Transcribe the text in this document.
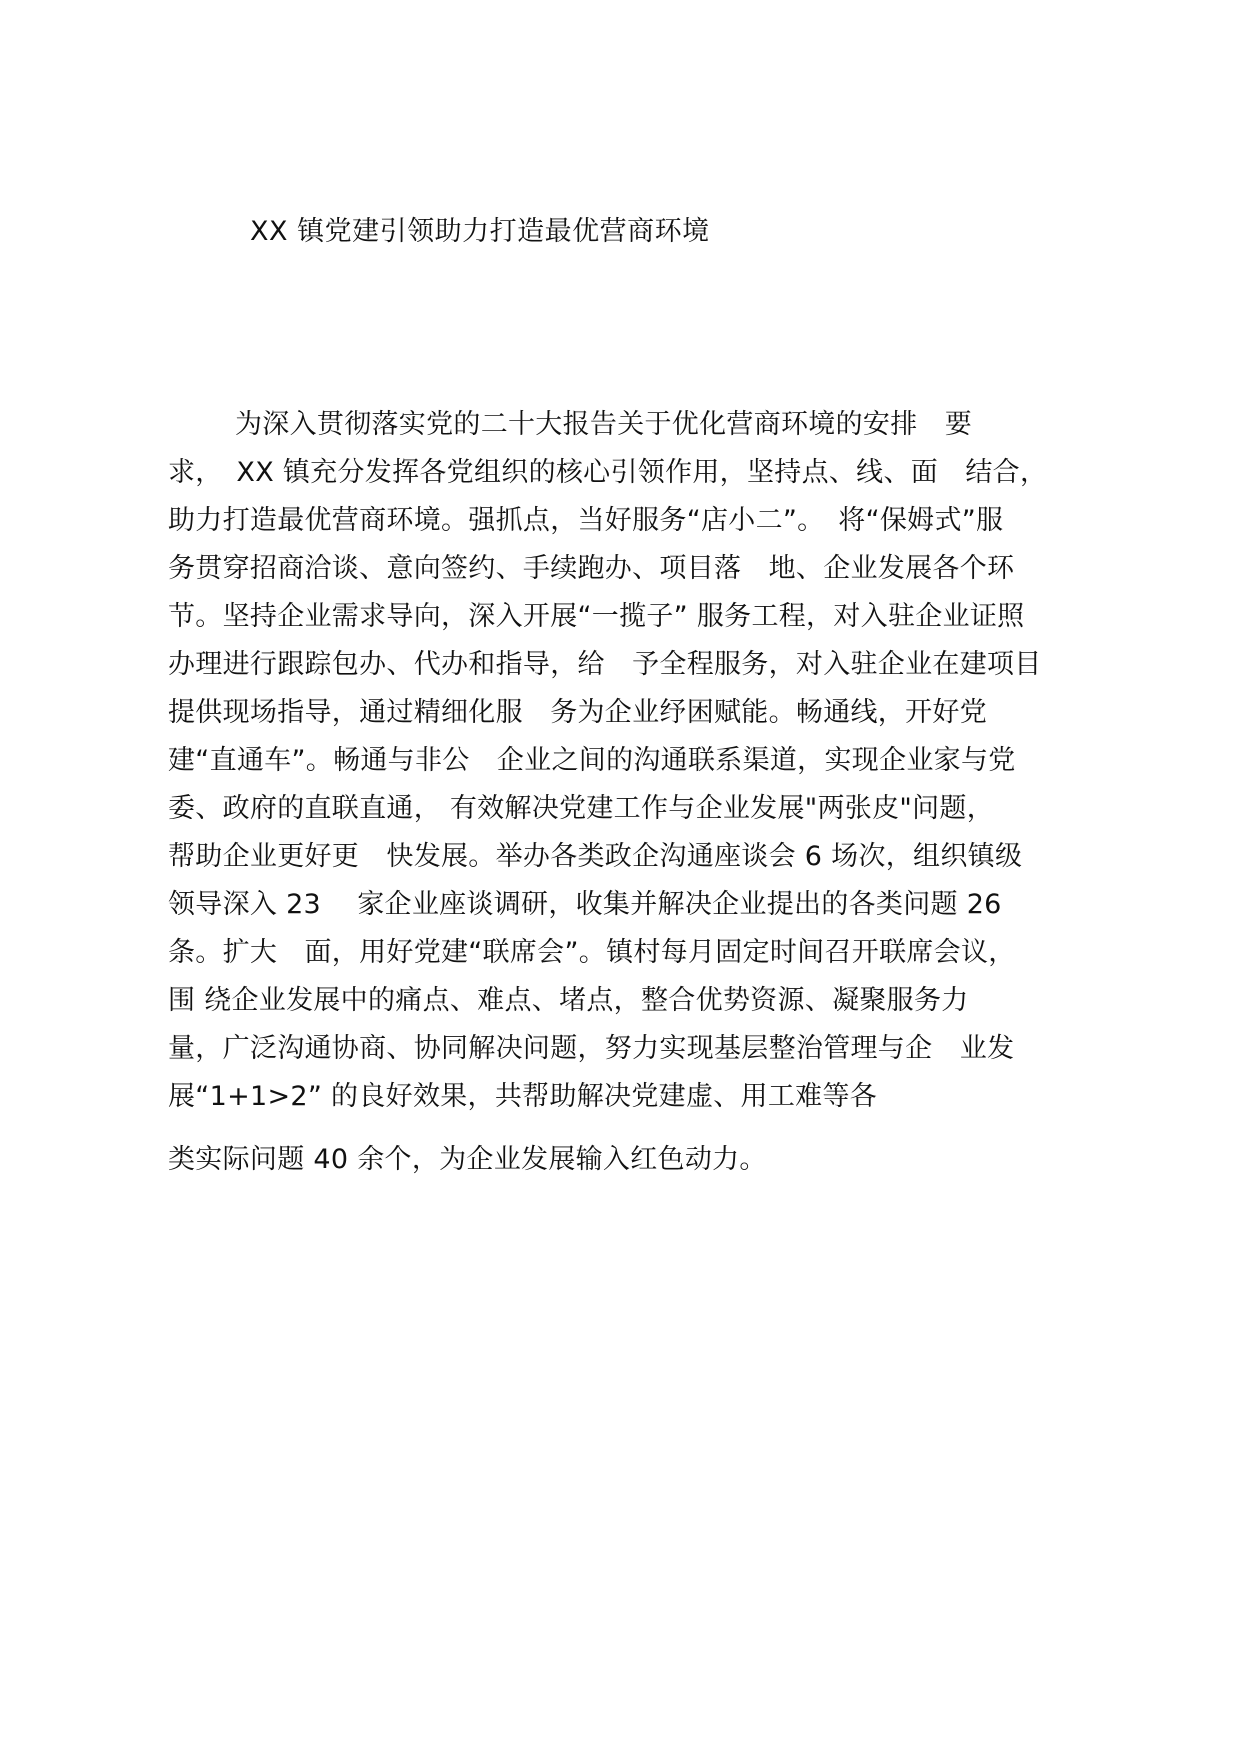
XX 镇党建引领助力打造最优营商环境
为深入贯彻落实党的二十大报告关于优化营商环境的安排　要
求，　XX 镇充分发挥各党组织的核心引领作用，坚持点、线、面　结合，
助力打造最优营商环境。强抓点，当好服务“店小二”。　将“保姆式”服
务贯穿招商洽谈、意向签约、手续跑办、项目落　地、企业发展各个环
节。坚持企业需求导向，深入开展“一揽子” 服务工程，对入驻企业证照
办理进行跟踪包办、代办和指导，给　予全程服务，对入驻企业在建项目
提供现场指导，通过精细化服　务为企业纾困赋能。畅通线，开好党
建“直通车”。畅通与非公　企业之间的沟通联系渠道，实现企业家与党
委、政府的直联直通， 有效解决党建工作与企业发展"两张皮"问题，
帮助企业更好更　快发展。举办各类政企沟通座谈会 6 场次，组织镇级
领导深入 23　 家企业座谈调研，收集并解决企业提出的各类问题 26
条。扩大　面，用好党建“联席会”。镇村每月固定时间召开联席会议，
围 绕企业发展中的痛点、难点、堵点，整合优势资源、凝聚服务力
量，广泛沟通协商、协同解决问题，努力实现基层整治管理与企　业发
展“1+1>2” 的良好效果，共帮助解决党建虚、用工难等各
类实际问题 40 余个，为企业发展输入红色动力。
